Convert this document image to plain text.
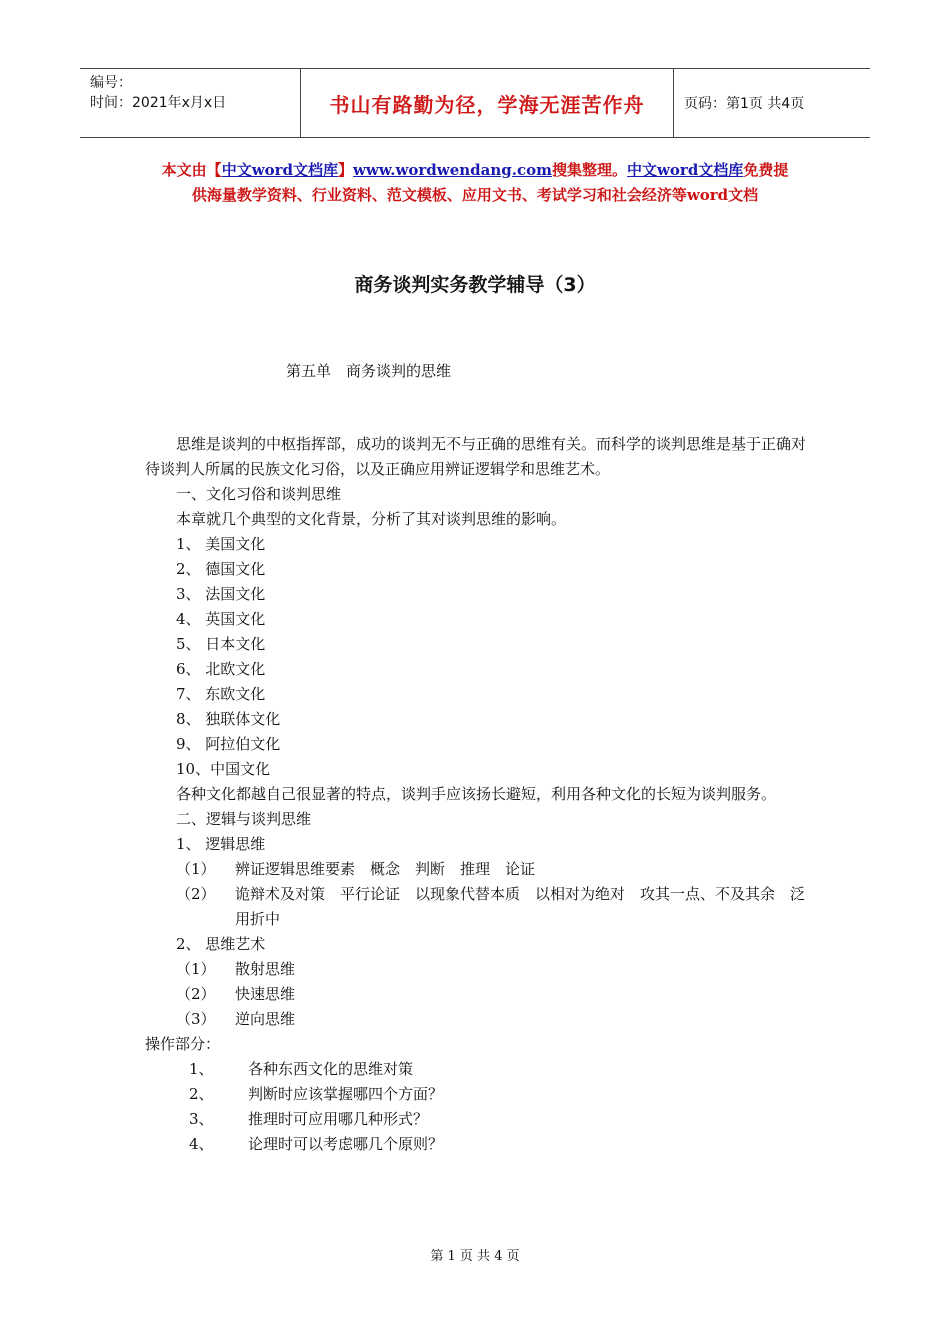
编号：
时间：2021年x月x日	书山有路勤为径，学海无涯苦作舟	页码：第1页 共4页
本文由【中文word文档库】www.wordwendang.com搜集整理。中文word文档库免费提
供海量教学资料、行业资料、范文模板、应用文书、考试学习和社会经济等word文档
商务谈判实务教学辅导（3）
第五单　商务谈判的思维

思维是谈判的中枢指挥部，成功的谈判无不与正确的思维有关。而科学的谈判思维是基于正确对待谈判人所属的民族文化习俗，以及正确应用辨证逻辑学和思维艺术。

一、文化习俗和谈判思维

本章就几个典型的文化背景，分析了其对谈判思维的影响。

1、 美国文化

2、 德国文化

3、 法国文化

4、 英国文化

5、 日本文化

6、 北欧文化

7、 东欧文化

8、 独联体文化

9、 阿拉伯文化

10、中国文化

各种文化都越自己很显著的特点，谈判手应该扬长避短，利用各种文化的长短为谈判服务。

二、逻辑与谈判思维

1、 逻辑思维

（1）	辨证逻辑思维要素　概念　判断　推理　论证
（2）	诡辩术及对策　平行论证　以现象代替本质　以相对为绝对　攻其一点、不及其余　泛用折中

2、 思维艺术

（1）	散射思维
（2）	快速思维
（3）	逆向思维

操作部分：

1、	各种东西文化的思维对策
2、	判断时应该掌握哪四个方面？
3、	推理时可应用哪几种形式？
4、	论理时可以考虑哪几个原则？
第 1 页 共 4 页
